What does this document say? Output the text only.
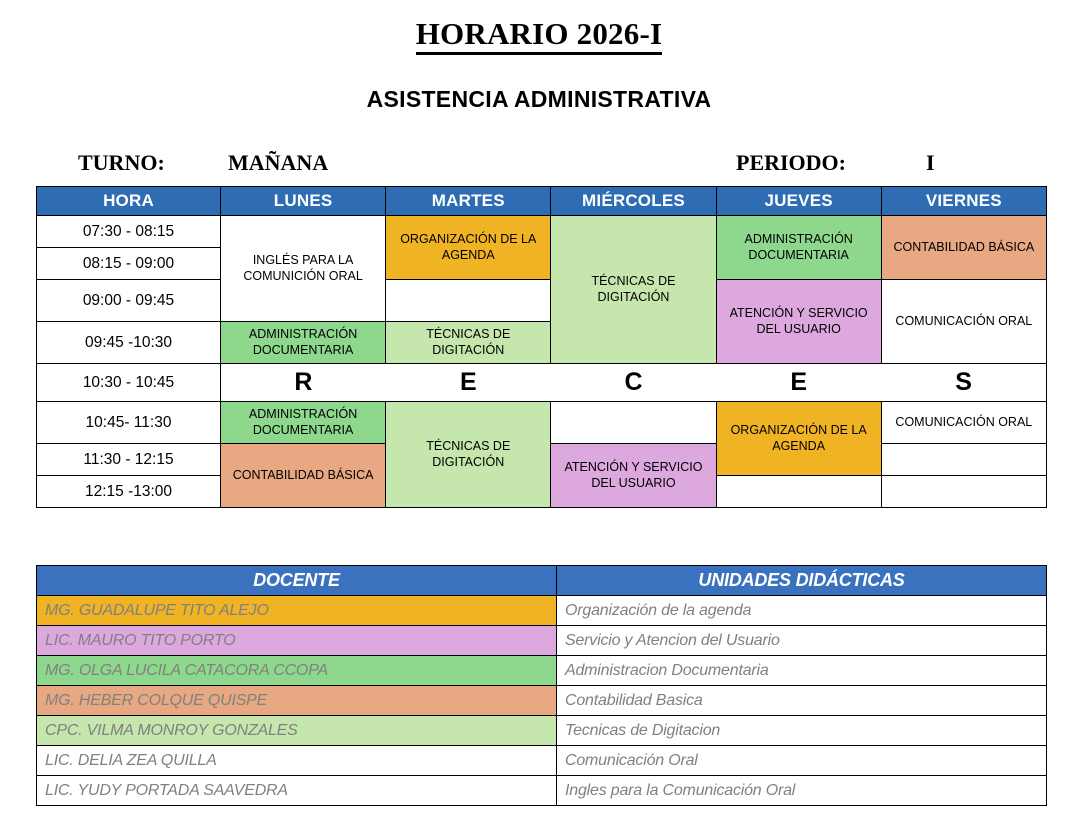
HORARIO 2026-I
ASISTENCIA ADMINISTRATIVA
TURNO:	MAÑANA	PERIODO:	I
HORA	LUNES	MARTES	MIÉRCOLES	JUEVES	VIERNES
07:30 - 08:15	INGLÉS PARA LA COMUNICIÓN ORAL	ORGANIZACIÓN DE LA AGENDA	TÉCNICAS DE DIGITACIÓN	ADMINISTRACIÓN DOCUMENTARIA	CONTABILIDAD BÁSICA

08:15 - 09:00					
09:00 - 09:45				ATENCIÓN Y SERVICIO DEL USUARIO	COMUNICACIÓN ORAL

09:45 -10:30	ADMINISTRACIÓN DOCUMENTARIA	TÉCNICAS DE DIGITACIÓN			

10:30 - 10:45	R	E	C	E	S
10:45- 11:30	ADMINISTRACIÓN DOCUMENTARIA	TÉCNICAS DE DIGITACIÓN		ORGANIZACIÓN DE LA AGENDA	COMUNICACIÓN ORAL

11:30 - 12:15	CONTABILIDAD BÁSICA		ATENCIÓN Y SERVICIO DEL USUARIO		

12:15 -13:00				

DOCENTE	UNIDADES DIDÁCTICAS
MG. GUADALUPE TITO ALEJO	Organización de la agenda
LIC. MAURO TITO PORTO	Servicio y Atencion del Usuario
MG. OLGA LUCILA CATACORA CCOPA	Administracion Documentaria
MG. HEBER COLQUE QUISPE	Contabilidad Basica
CPC. VILMA MONROY GONZALES	Tecnicas de Digitacion
LIC. DELIA ZEA QUILLA	Comunicación Oral
LIC. YUDY PORTADA SAAVEDRA	Ingles para la Comunicación Oral
